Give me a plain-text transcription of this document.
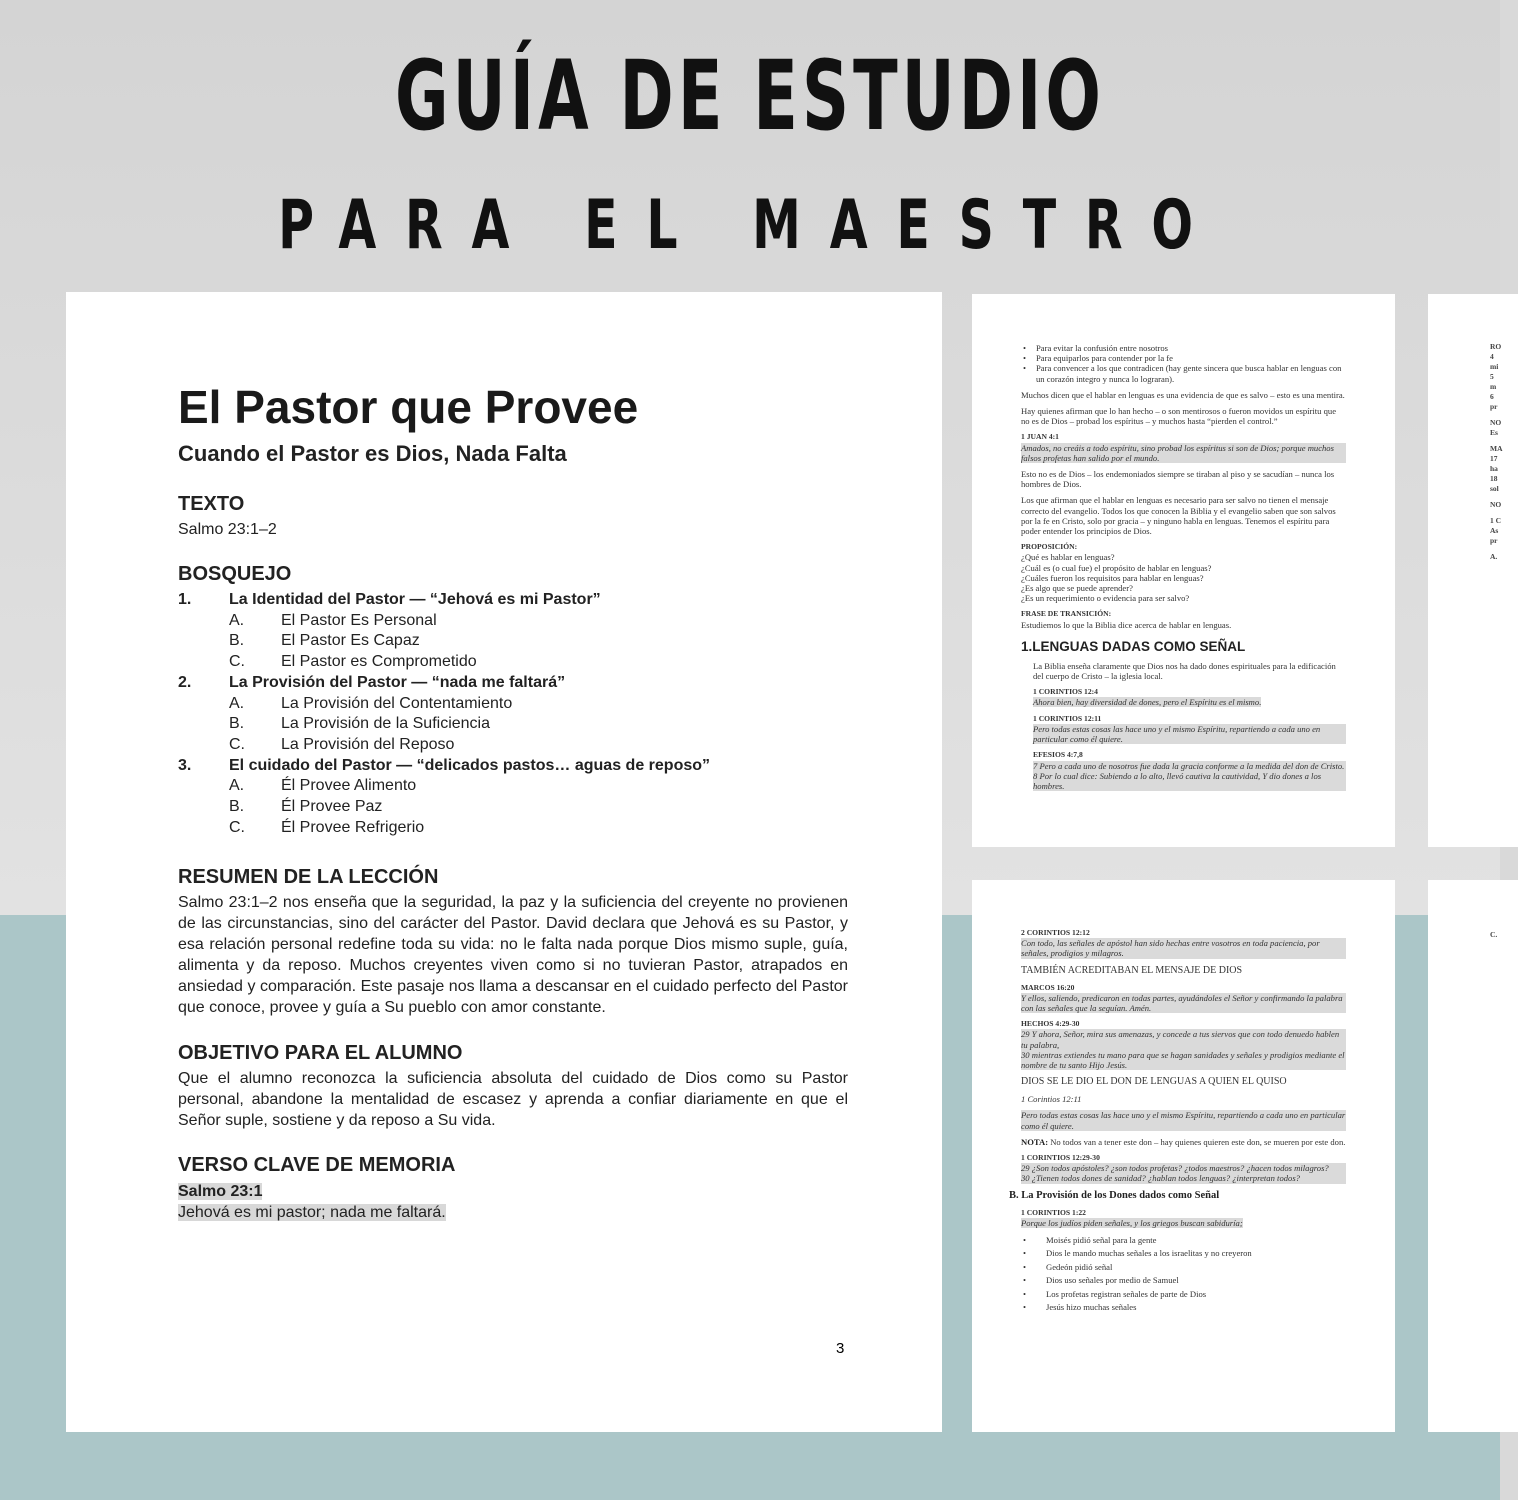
GUÍA DE ESTUDIO
PARA EL MAESTRO
El Pastor que Provee
Cuando el Pastor es Dios, Nada Falta
TEXTO
Salmo 23:1–2
BOSQUEJO
1. La Identidad del Pastor — “Jehová es mi Pastor”
A. El Pastor Es Personal
B. El Pastor Es Capaz
C. El Pastor es Comprometido
2. La Provisión del Pastor — “nada me faltará”
A. La Provisión del Contentamiento
B. La Provisión de la Suficiencia
C. La Provisión del Reposo
3. El cuidado del Pastor — “delicados pastos… aguas de reposo”
A. Él Provee Alimento
B. Él Provee Paz
C. Él Provee Refrigerio
RESUMEN DE LA LECCIÓN
Salmo 23:1–2 nos enseña que la seguridad, la paz y la suficiencia del creyente no provienen de las circunstancias, sino del carácter del Pastor. David declara que Jehová es su Pastor, y esa relación personal redefine toda su vida: no le falta nada porque Dios mismo suple, guía, alimenta y da reposo. Muchos creyentes viven como si no tuvieran Pastor, atrapados en ansiedad y comparación. Este pasaje nos llama a descansar en el cuidado perfecto del Pastor que conoce, provee y guía a Su pueblo con amor constante.
OBJETIVO PARA EL ALUMNO
Que el alumno reconozca la suficiencia absoluta del cuidado de Dios como su Pastor personal, abandone la mentalidad de escasez y aprenda a confiar diariamente en que el Señor suple, sostiene y da reposo a Su vida.
VERSO CLAVE DE MEMORIA
Salmo 23:1
Jehová es mi pastor; nada me faltará.
3
• Para evitar la confusión entre nosotros
• Para equiparlos para contender por la fe
• Para convencer a los que contradicen (hay gente sincera que busca hablar en lenguas con un corazón integro y nunca lo lograran).
Muchos dicen que el hablar en lenguas es una evidencia de que es salvo – esto es una mentira.
Hay quienes afirman que lo han hecho – o son mentirosos o fueron movidos un espíritu que no es de Dios – probad los espíritus – y muchos hasta “pierden el control.”
1 JUAN 4:1
Amados, no creáis a todo espíritu, sino probad los espíritus si son de Dios; porque muchos falsos profetas han salido por el mundo.
Esto no es de Dios – los endemoniados siempre se tiraban al piso y se sacudían – nunca los hombres de Dios.
Los que afirman que el hablar en lenguas es necesario para ser salvo no tienen el mensaje correcto del evangelio. Todos los que conocen la Biblia y el evangelio saben que son salvos por la fe en Cristo, solo por gracia – y ninguno habla en lenguas. Tenemos el espíritu para poder entender los principios de Dios.
PROPOSICIÓN:
¿Qué es hablar en lenguas?
¿Cuál es (o cual fue) el propósito de hablar en lenguas?
¿Cuáles fueron los requisitos para hablar en lenguas?
¿Es algo que se puede aprender?
¿Es un requerimiento o evidencia para ser salvo?
FRASE DE TRANSICIÓN:
Estudiemos lo que la Biblia dice acerca de hablar en lenguas.
1.LENGUAS DADAS COMO SEÑAL
La Biblia enseña claramente que Dios nos ha dado dones espirituales para la edificación del cuerpo de Cristo – la iglesia local.
1 CORINTIOS 12:4
Ahora bien, hay diversidad de dones, pero el Espíritu es el mismo.
1 CORINTIOS 12:11
Pero todas estas cosas las hace uno y el mismo Espíritu, repartiendo a cada uno en particular como él quiere.
EFESIOS 4:7,8
7 Pero a cada uno de nosotros fue dada la gracia conforme a la medida del don de Cristo.
8 Por lo cual dice: Subiendo a lo alto, llevó cautiva la cautividad, Y dio dones a los hombres.
2 CORINTIOS 12:12
Con todo, las señales de apóstol han sido hechas entre vosotros en toda paciencia, por señales, prodigios y milagros.
TAMBIÉN ACREDITABAN EL MENSAJE DE DIOS
MARCOS 16:20
Y ellos, saliendo, predicaron en todas partes, ayudándoles el Señor y confirmando la palabra con las señales que la seguían. Amén.
HECHOS 4:29-30
29 Y ahora, Señor, mira sus amenazas, y concede a tus siervos que con todo denuedo hablen tu palabra,
30 mientras extiendes tu mano para que se hagan sanidades y señales y prodigios mediante el nombre de tu santo Hijo Jesús.
DIOS SE LE DIO EL DON DE LENGUAS A QUIEN EL QUISO
1 Corintios 12:11
Pero todas estas cosas las hace uno y el mismo Espíritu, repartiendo a cada uno en particular como él quiere.
NOTA: No todos van a tener este don – hay quienes quieren este don, se mueren por este don.
1 CORINTIOS 12:29-30
29 ¿Son todos apóstoles? ¿son todos profetas? ¿todos maestros? ¿hacen todos milagros?
30 ¿Tienen todos dones de sanidad? ¿hablan todos lenguas? ¿interpretan todos?
B. La Provisión de los Dones dados como Señal
1 CORINTIOS 1:22
Porque los judíos piden señales, y los griegos buscan sabiduría;
• Moisés pidió señal para la gente
• Dios le mando muchas señales a los israelitas y no creyeron
• Gedeón pidió señal
• Dios uso señales por medio de Samuel
• Los profetas registran señales de parte de Dios
• Jesús hizo muchas señales
RO
4
mi
5
m
6
pr
NO
Es
MA
17
ha
18
sol
NO
1 C
As
pr
A.
C.
